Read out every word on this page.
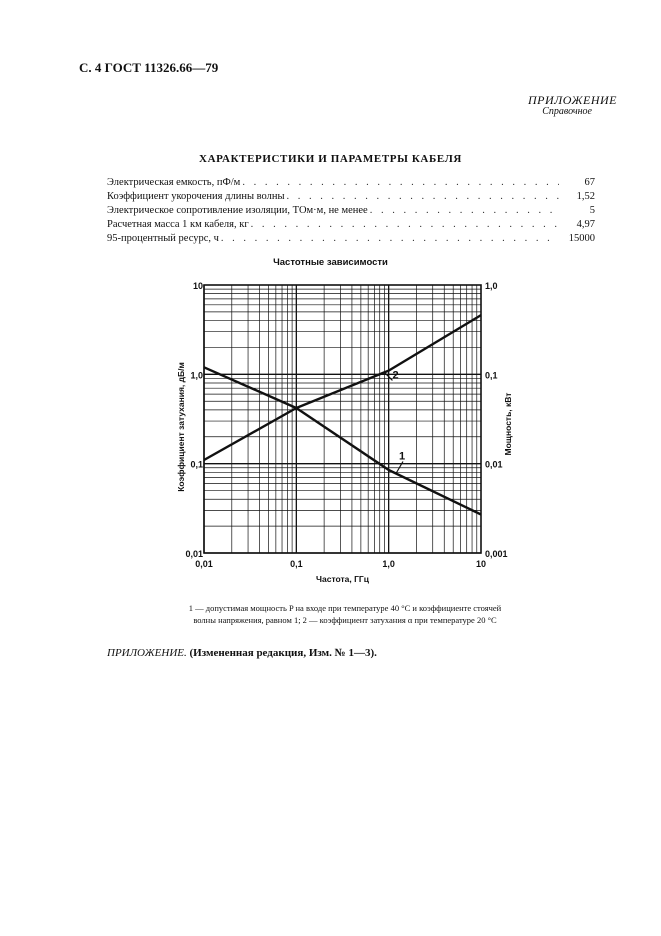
С. 4 ГОСТ 11326.66—79
ПРИЛОЖЕНИЕ
Справочное
ХАРАКТЕРИСТИКИ И ПАРАМЕТРЫ КАБЕЛЯ
Электрическая емкость, пФ/м . . .	67
Коэффициент укорочения длины волны . . .	1,52
Электрическое сопротивление изоляции, ТОм·м, не менее . . .	5
Расчетная масса 1 км кабеля, кг . . .	4,97
95-процентный ресурс, ч . . .	15000
Частотные зависимости
0,01	0,1	1,0	10
0,01
0,1
1,0
10
0,001
0,01
0,1
1,0
Частота, ГГц
Коэффициент затухания, дБ/м	Мощность, кВт
1
2
1 — допустимая мощность P на входе при температуре 40 °С и коэффициенте стоячей
волны напряжения, равном 1; 2 — коэффициент затухания α при температуре 20 °С
ПРИЛОЖЕНИЕ. (Измененная редакция, Изм. № 1—3).
